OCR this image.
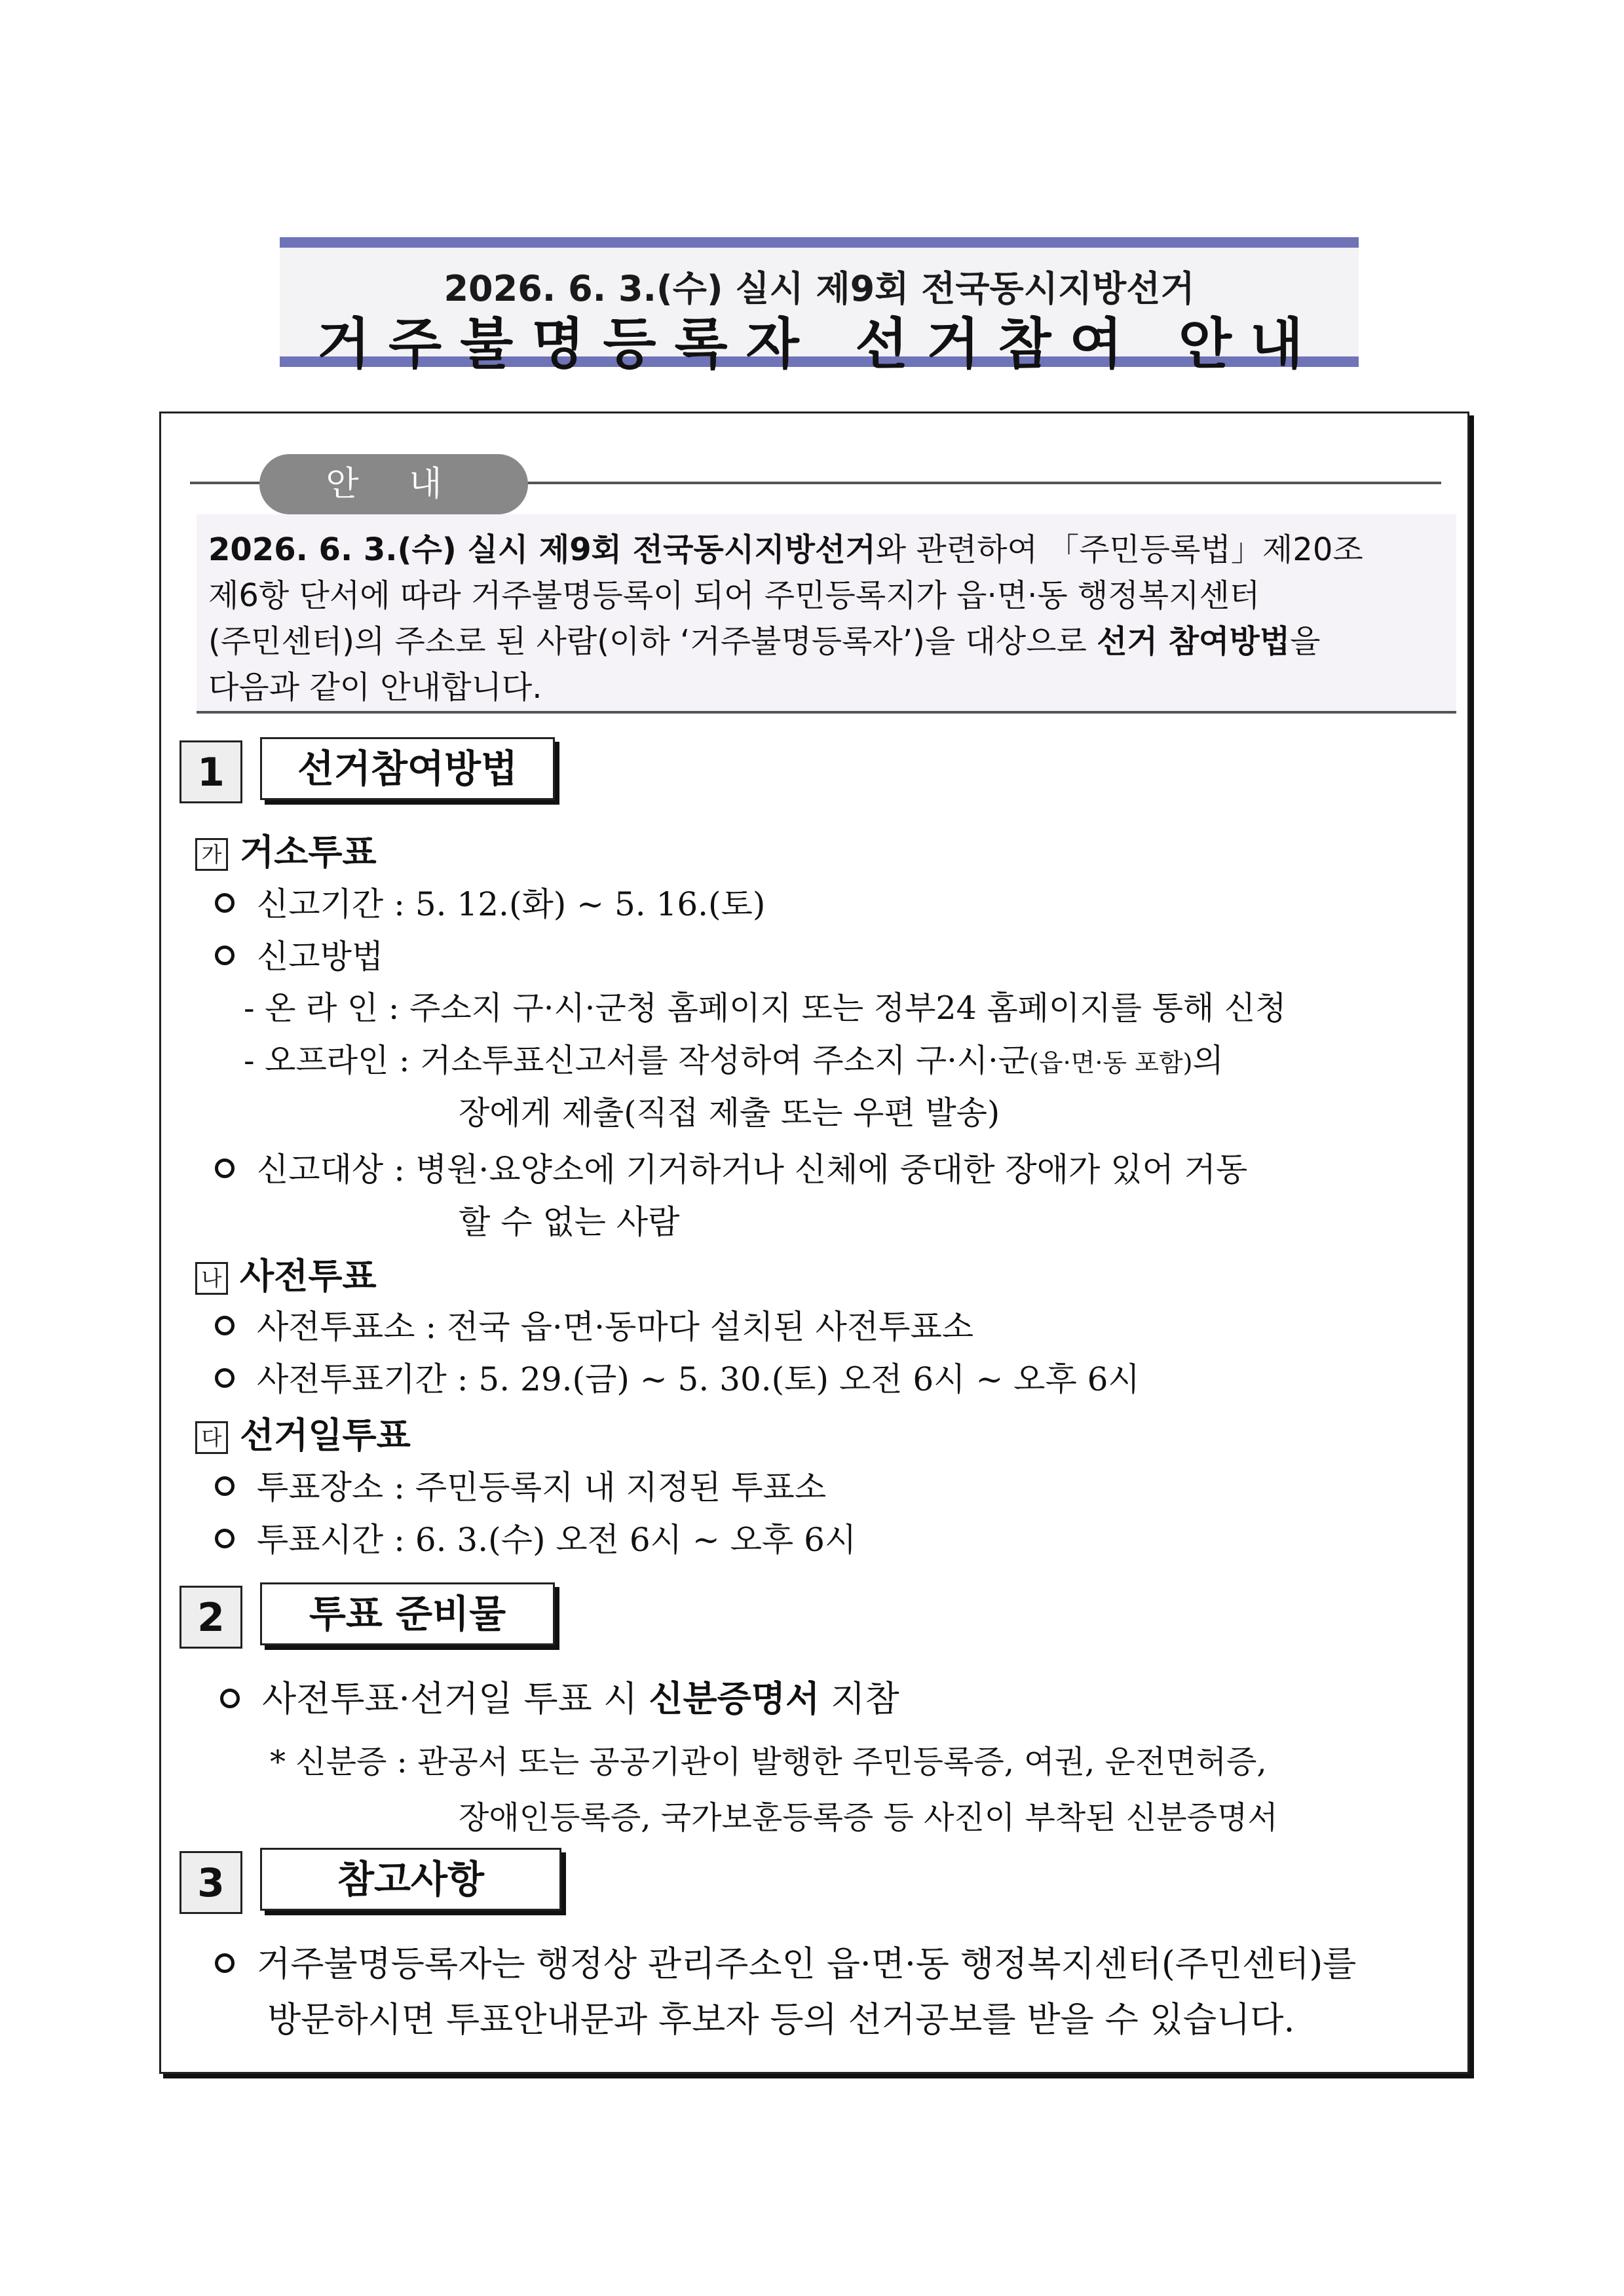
2026. 6. 3.(수) 실시 제9회 전국동시지방선거
거주불명등록자 선거참여 안내
안 내
2026. 6. 3.(수) 실시 제9회 전국동시지방선거와 관련하여 「주민등록법」제20조
제6항 단서에 따라 거주불명등록이 되어 주민등록지가 읍·면·동 행정복지센터
(주민센터)의 주소로 된 사람(이하 ‘거주불명등록자’)을 대상으로 선거 참여방법을
다음과 같이 안내합니다.
1	선거참여방법
가 거소투표
신고기간 : 5. 12.(화) ~ 5. 16.(토)
신고방법
- 온 라 인 : 주소지 구·시·군청 홈페이지 또는 정부24 홈페이지를 통해 신청
- 오프라인 : 거소투표신고서를 작성하여 주소지 구·시·군(읍·면·동 포함)의
장에게 제출(직접 제출 또는 우편 발송)
신고대상 : 병원·요양소에 기거하거나 신체에 중대한 장애가 있어 거동
할 수 없는 사람
나 사전투표
사전투표소 : 전국 읍·면·동마다 설치된 사전투표소
사전투표기간 : 5. 29.(금) ~ 5. 30.(토) 오전 6시 ~ 오후 6시
다 선거일투표
투표장소 : 주민등록지 내 지정된 투표소
투표시간 : 6. 3.(수) 오전 6시 ~ 오후 6시
2	투표 준비물
사전투표·선거일 투표 시 신분증명서 지참
* 신분증 : 관공서 또는 공공기관이 발행한 주민등록증, 여권, 운전면허증,
장애인등록증, 국가보훈등록증 등 사진이 부착된 신분증명서
3	참고사항
거주불명등록자는 행정상 관리주소인 읍·면·동 행정복지센터(주민센터)를
방문하시면 투표안내문과 후보자 등의 선거공보를 받을 수 있습니다.
